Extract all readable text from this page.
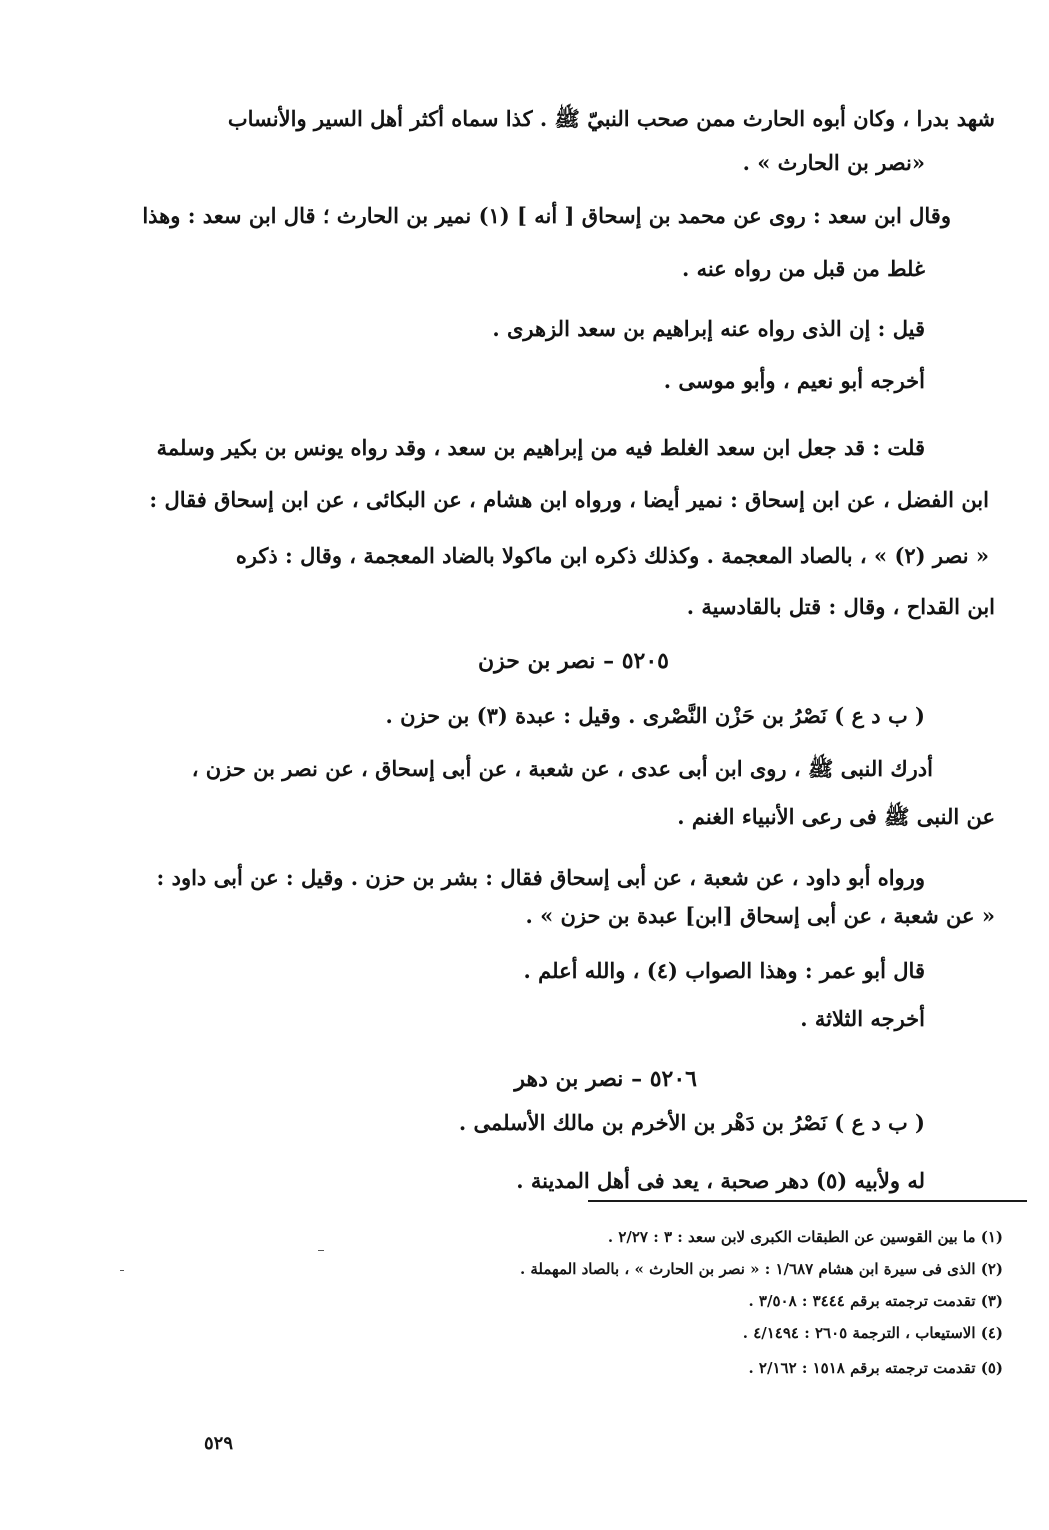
شهد بدرا ، وكان أبوه الحارث ممن صحب النبيّ ﷺ . كذا سماه أكثر أهل السير والأنساب
«نصر بن الحارث » .
وقال ابن سعد : روى عن محمد بن إسحاق [ أنه ] (١) نمير بن الحارث ؛ قال ابن سعد : وهذا
غلط من قبل من رواه عنه .
قيل : إن الذى رواه عنه إبراهيم بن سعد الزهرى .
أخرجه أبو نعيم ، وأبو موسى .
قلت : قد جعل ابن سعد الغلط فيه من إبراهيم بن سعد ، وقد رواه يونس بن بكير وسلمة
ابن الفضل ، عن ابن إسحاق : نمير أيضا ، ورواه ابن هشام ، عن البكائى ، عن ابن إسحاق فقال :
« نصر (٢) » ، بالصاد المعجمة . وكذلك ذكره ابن ماكولا بالضاد المعجمة ، وقال : ذكره
ابن القداح ، وقال : قتل بالقادسية .
٥٢٠٥ – نصر بن حزن
( ب د ع ) نَصْرُ بن حَزْن النَّصْرى . وقيل : عبدة (٣) بن حزن .
أدرك النبى ﷺ ، روى ابن أبى عدى ، عن شعبة ، عن أبى إسحاق ، عن نصر بن حزن ،
عن النبى ﷺ فى رعى الأنبياء الغنم .
ورواه أبو داود ، عن شعبة ، عن أبى إسحاق فقال : بشر بن حزن . وقيل : عن أبى داود :
« عن شعبة ، عن أبى إسحاق [ابن] عبدة بن حزن » .
قال أبو عمر : وهذا الصواب (٤) ، والله أعلم .
أخرجه الثلاثة .
٥٢٠٦ – نصر بن دهر
( ب د ع ) نَصْرُ بن دَهْر بن الأخرم بن مالك الأسلمى .
له ولأبيه (٥) دهر صحبة ، يعد فى أهل المدينة .
(١) ما بين القوسين عن الطبقات الكبرى لابن سعد : ٣ : ٢/٢٧ .
(٢) الذى فى سيرة ابن هشام ١/٦٨٧ : « نصر بن الحارث » ، بالصاد المهملة .
(٣) تقدمت ترجمته برقم ٣٤٤٤ : ٣/٥٠٨ .
(٤) الاستيعاب ، الترجمة ٢٦٠٥ : ٤/١٤٩٤ .
(٥) تقدمت ترجمته برقم ١٥١٨ : ٢/١٦٢ .
٥٢٩
